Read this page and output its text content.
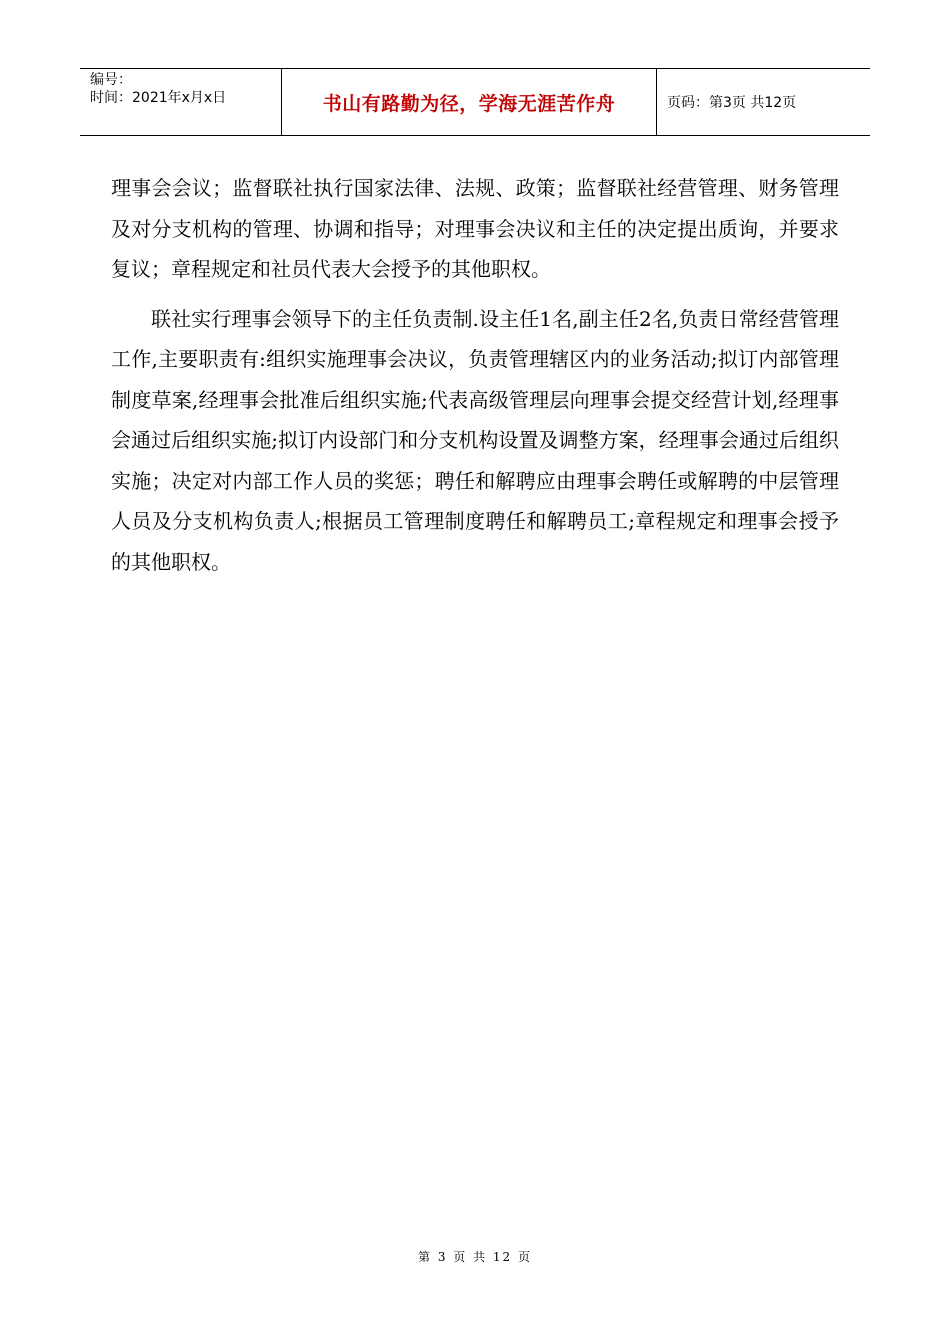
编号：
时间：2021年x月x日	书山有路勤为径，学海无涯苦作舟	页码：第3页 共12页

理事会会议；监督联社执行国家法律、法规、政策；监督联社经营管理、财务管理及对分支机构的管理、协调和指导；对理事会决议和主任的决定提出质询，并要求复议；章程规定和社员代表大会授予的其他职权。

联社实行理事会领导下的主任负责制.设主任1名,副主任2名,负责日常经营管理工作,主要职责有:组织实施理事会决议，负责管理辖区内的业务活动;拟订内部管理制度草案,经理事会批准后组织实施;代表高级管理层向理事会提交经营计划,经理事会通过后组织实施;拟订内设部门和分支机构设置及调整方案，经理事会通过后组织实施；决定对内部工作人员的奖惩；聘任和解聘应由理事会聘任或解聘的中层管理人员及分支机构负责人;根据员工管理制度聘任和解聘员工;章程规定和理事会授予的其他职权。

第 3 页 共 12 页
